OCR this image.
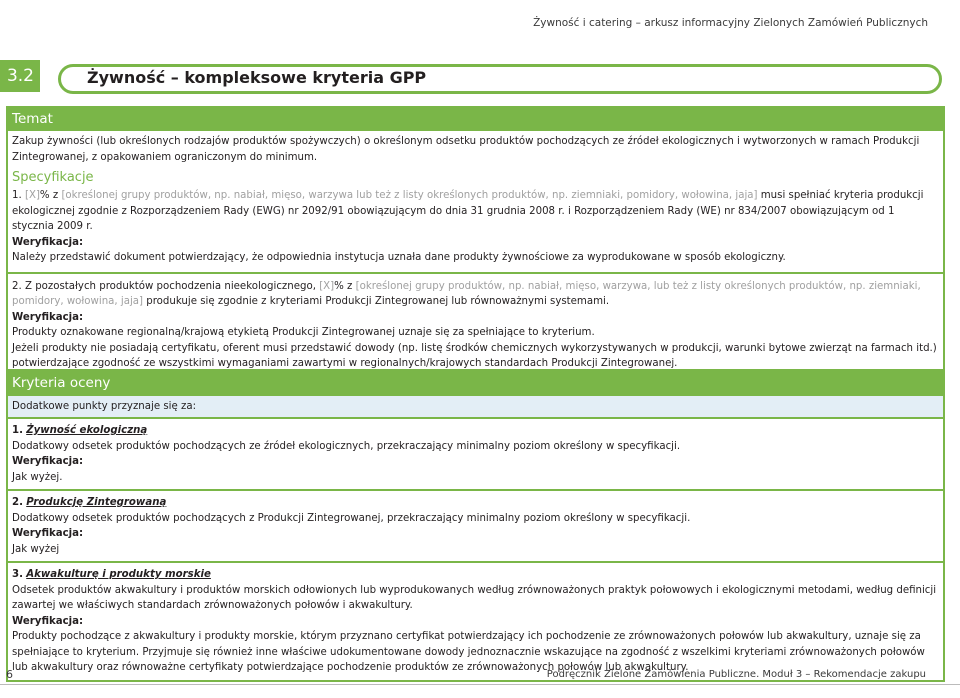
Żywność i catering – arkusz informacyjny Zielonych Zamówień Publicznych
3.2	Żywność – kompleksowe kryteria GPP
Temat
Zakup żywności (lub określonych rodzajów produktów spożywczych) o określonym odsetku produktów pochodzących ze źródeł ekologicznych i wytworzonych w ramach Produkcji Zintegrowanej, z opakowaniem ograniczonym do minimum.
Specyfikacje

1. [X]% z [określonej grupy produktów, np. nabiał, mięso, warzywa lub też z listy określonych produktów, np. ziemniaki, pomidory, wołowina, jaja] musi spełniać kryteria produkcji ekologicznej zgodnie z Rozporządzeniem Rady (EWG) nr 2092/91 obowiązującym do dnia 31 grudnia 2008 r. i Rozporządzeniem Rady (WE) nr 834/2007 obowiązującym od 1 stycznia 2009 r.

Weryfikacja:

Należy przedstawić dokument potwierdzający, że odpowiednia instytucja uznała dane produkty żywnościowe za wyprodukowane w sposób ekologiczny.

2. Z pozostałych produktów pochodzenia nieekologicznego, [X]% z [określonej grupy produktów, np. nabiał, mięso, warzywa, lub też z listy określonych produktów, np. ziemniaki, pomidory, wołowina, jaja] produkuje się zgodnie z kryteriami Produkcji Zintegrowanej lub równoważnymi systemami.

Weryfikacja:

Produkty oznakowane regionalną/krajową etykietą Produkcji Zintegrowanej uznaje się za spełniające to kryterium.

Jeżeli produkty nie posiadają certyfikatu, oferent musi przedstawić dowody (np. listę środków chemicznych wykorzystywanych w produkcji, warunki bytowe zwierząt na farmach itd.) potwierdzające zgodność ze wszystkimi wymaganiami zawartymi w regionalnych/krajowych standardach Produkcji Zintegrowanej.

Kryteria oceny
Dodatkowe punkty przyznaje się za:

1. Żywność ekologiczną

Dodatkowy odsetek produktów pochodzących ze źródeł ekologicznych, przekraczający minimalny poziom określony w specyfikacji.

Weryfikacja:

Jak wyżej.

2. Produkcję Zintegrowaną

Dodatkowy odsetek produktów pochodzących z Produkcji Zintegrowanej, przekraczający minimalny poziom określony w specyfikacji.

Weryfikacja:

Jak wyżej

3. Akwakulturę i produkty morskie

Odsetek produktów akwakultury i produktów morskich odłowionych lub wyprodukowanych według zrównoważonych praktyk połowowych i ekologicznymi metodami, według definicji zawartej we właściwych standardach zrównoważonych połowów i akwakultury.

Weryfikacja:

Produkty pochodzące z akwakultury i produkty morskie, którym przyznano certyfikat potwierdzający ich pochodzenie ze zrównoważonych połowów lub akwakultury, uznaje się za spełniające to kryterium. Przyjmuje się również inne właściwe udokumentowane dowody jednoznacznie wskazujące na zgodność z wszelkimi kryteriami zrównoważonych połowów lub akwakultury oraz równoważne certyfikaty potwierdzające pochodzenie produktów ze zrównoważonych połowów lub akwakultury.

6	Podręcznik Zielone Zamówienia Publiczne. Moduł 3 – Rekomendacje zakupu
